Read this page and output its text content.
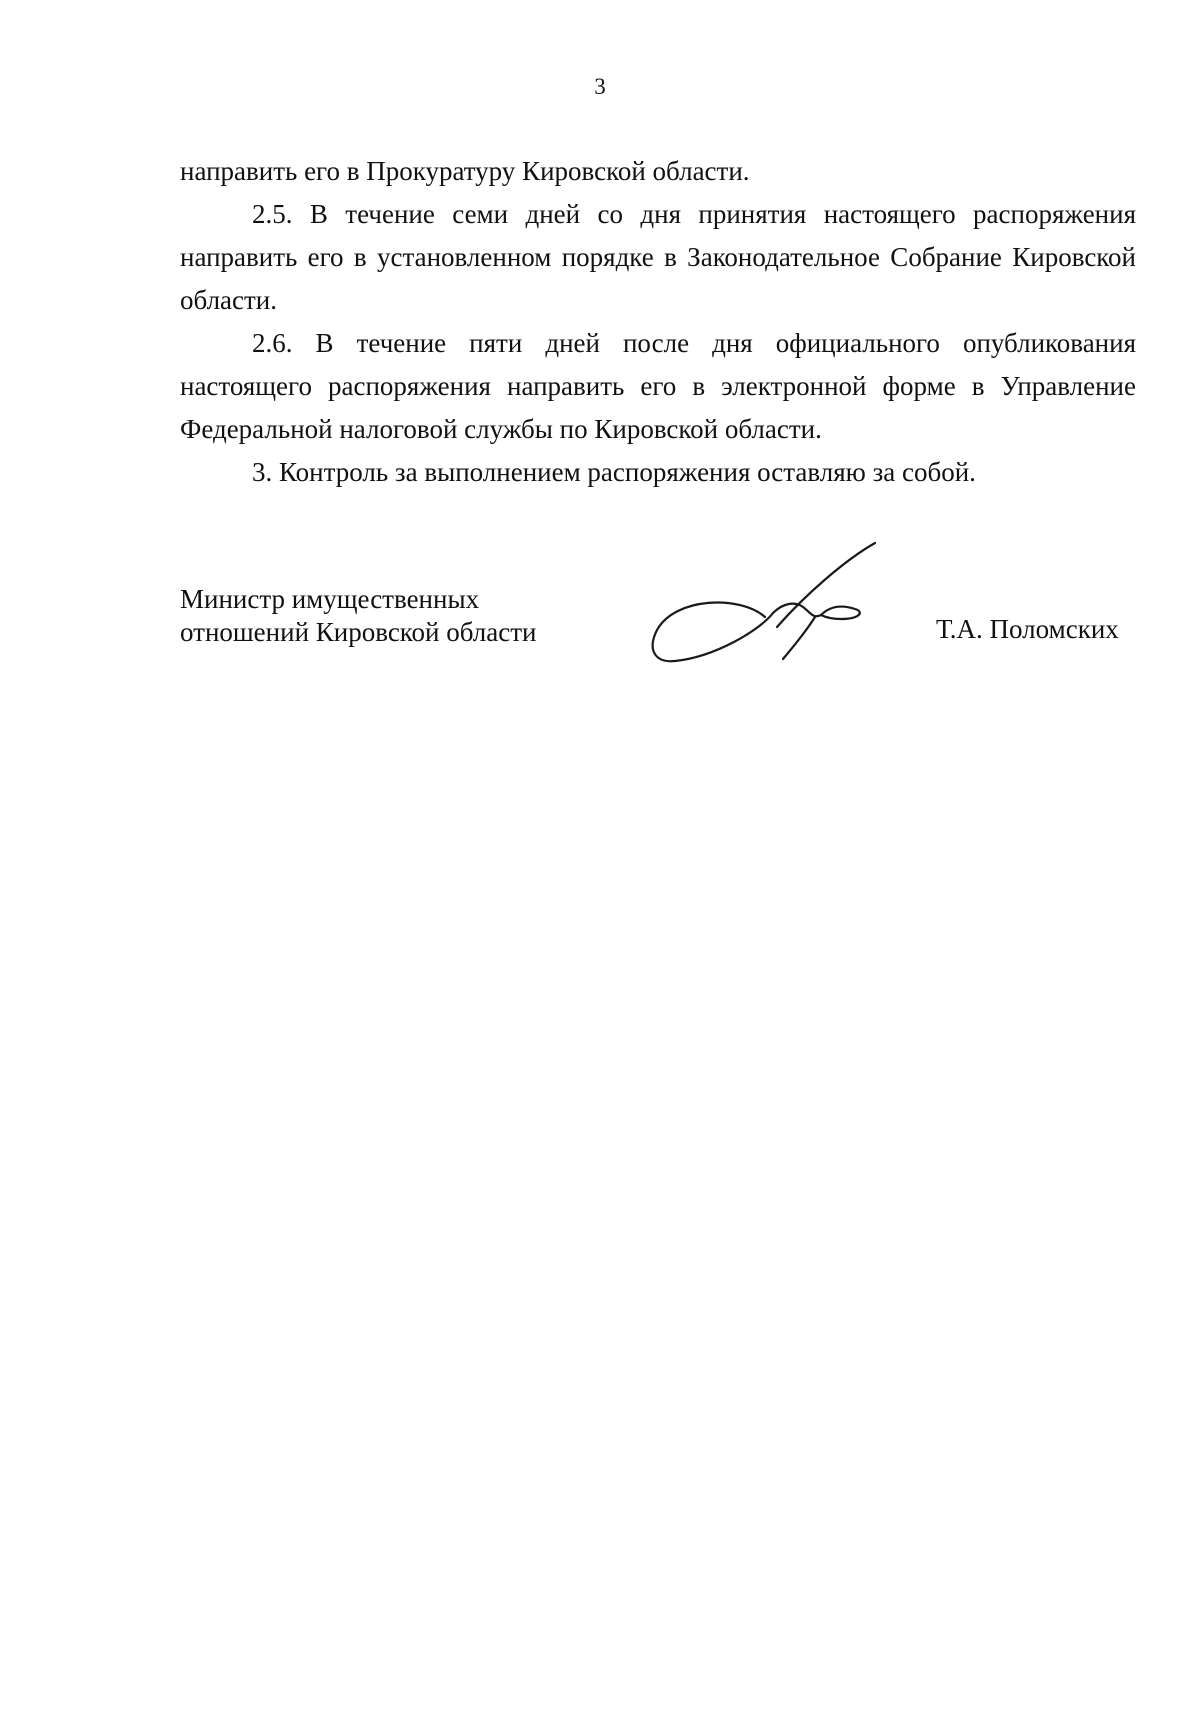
3

направить его в Прокуратуру Кировской области.

2.5. В течение семи дней со дня принятия настоящего распоряжения направить его в установленном порядке в Законодательное Собрание Кировской области.

2.6. В течение пяти дней после дня официального опубликования настоящего распоряжения направить его в электронной форме в Управление Федеральной налоговой службы по Кировской области.

3. Контроль за выполнением распоряжения оставляю за собой.

Министр имущественных
отношений Кировской области	Т.А. Поломских
